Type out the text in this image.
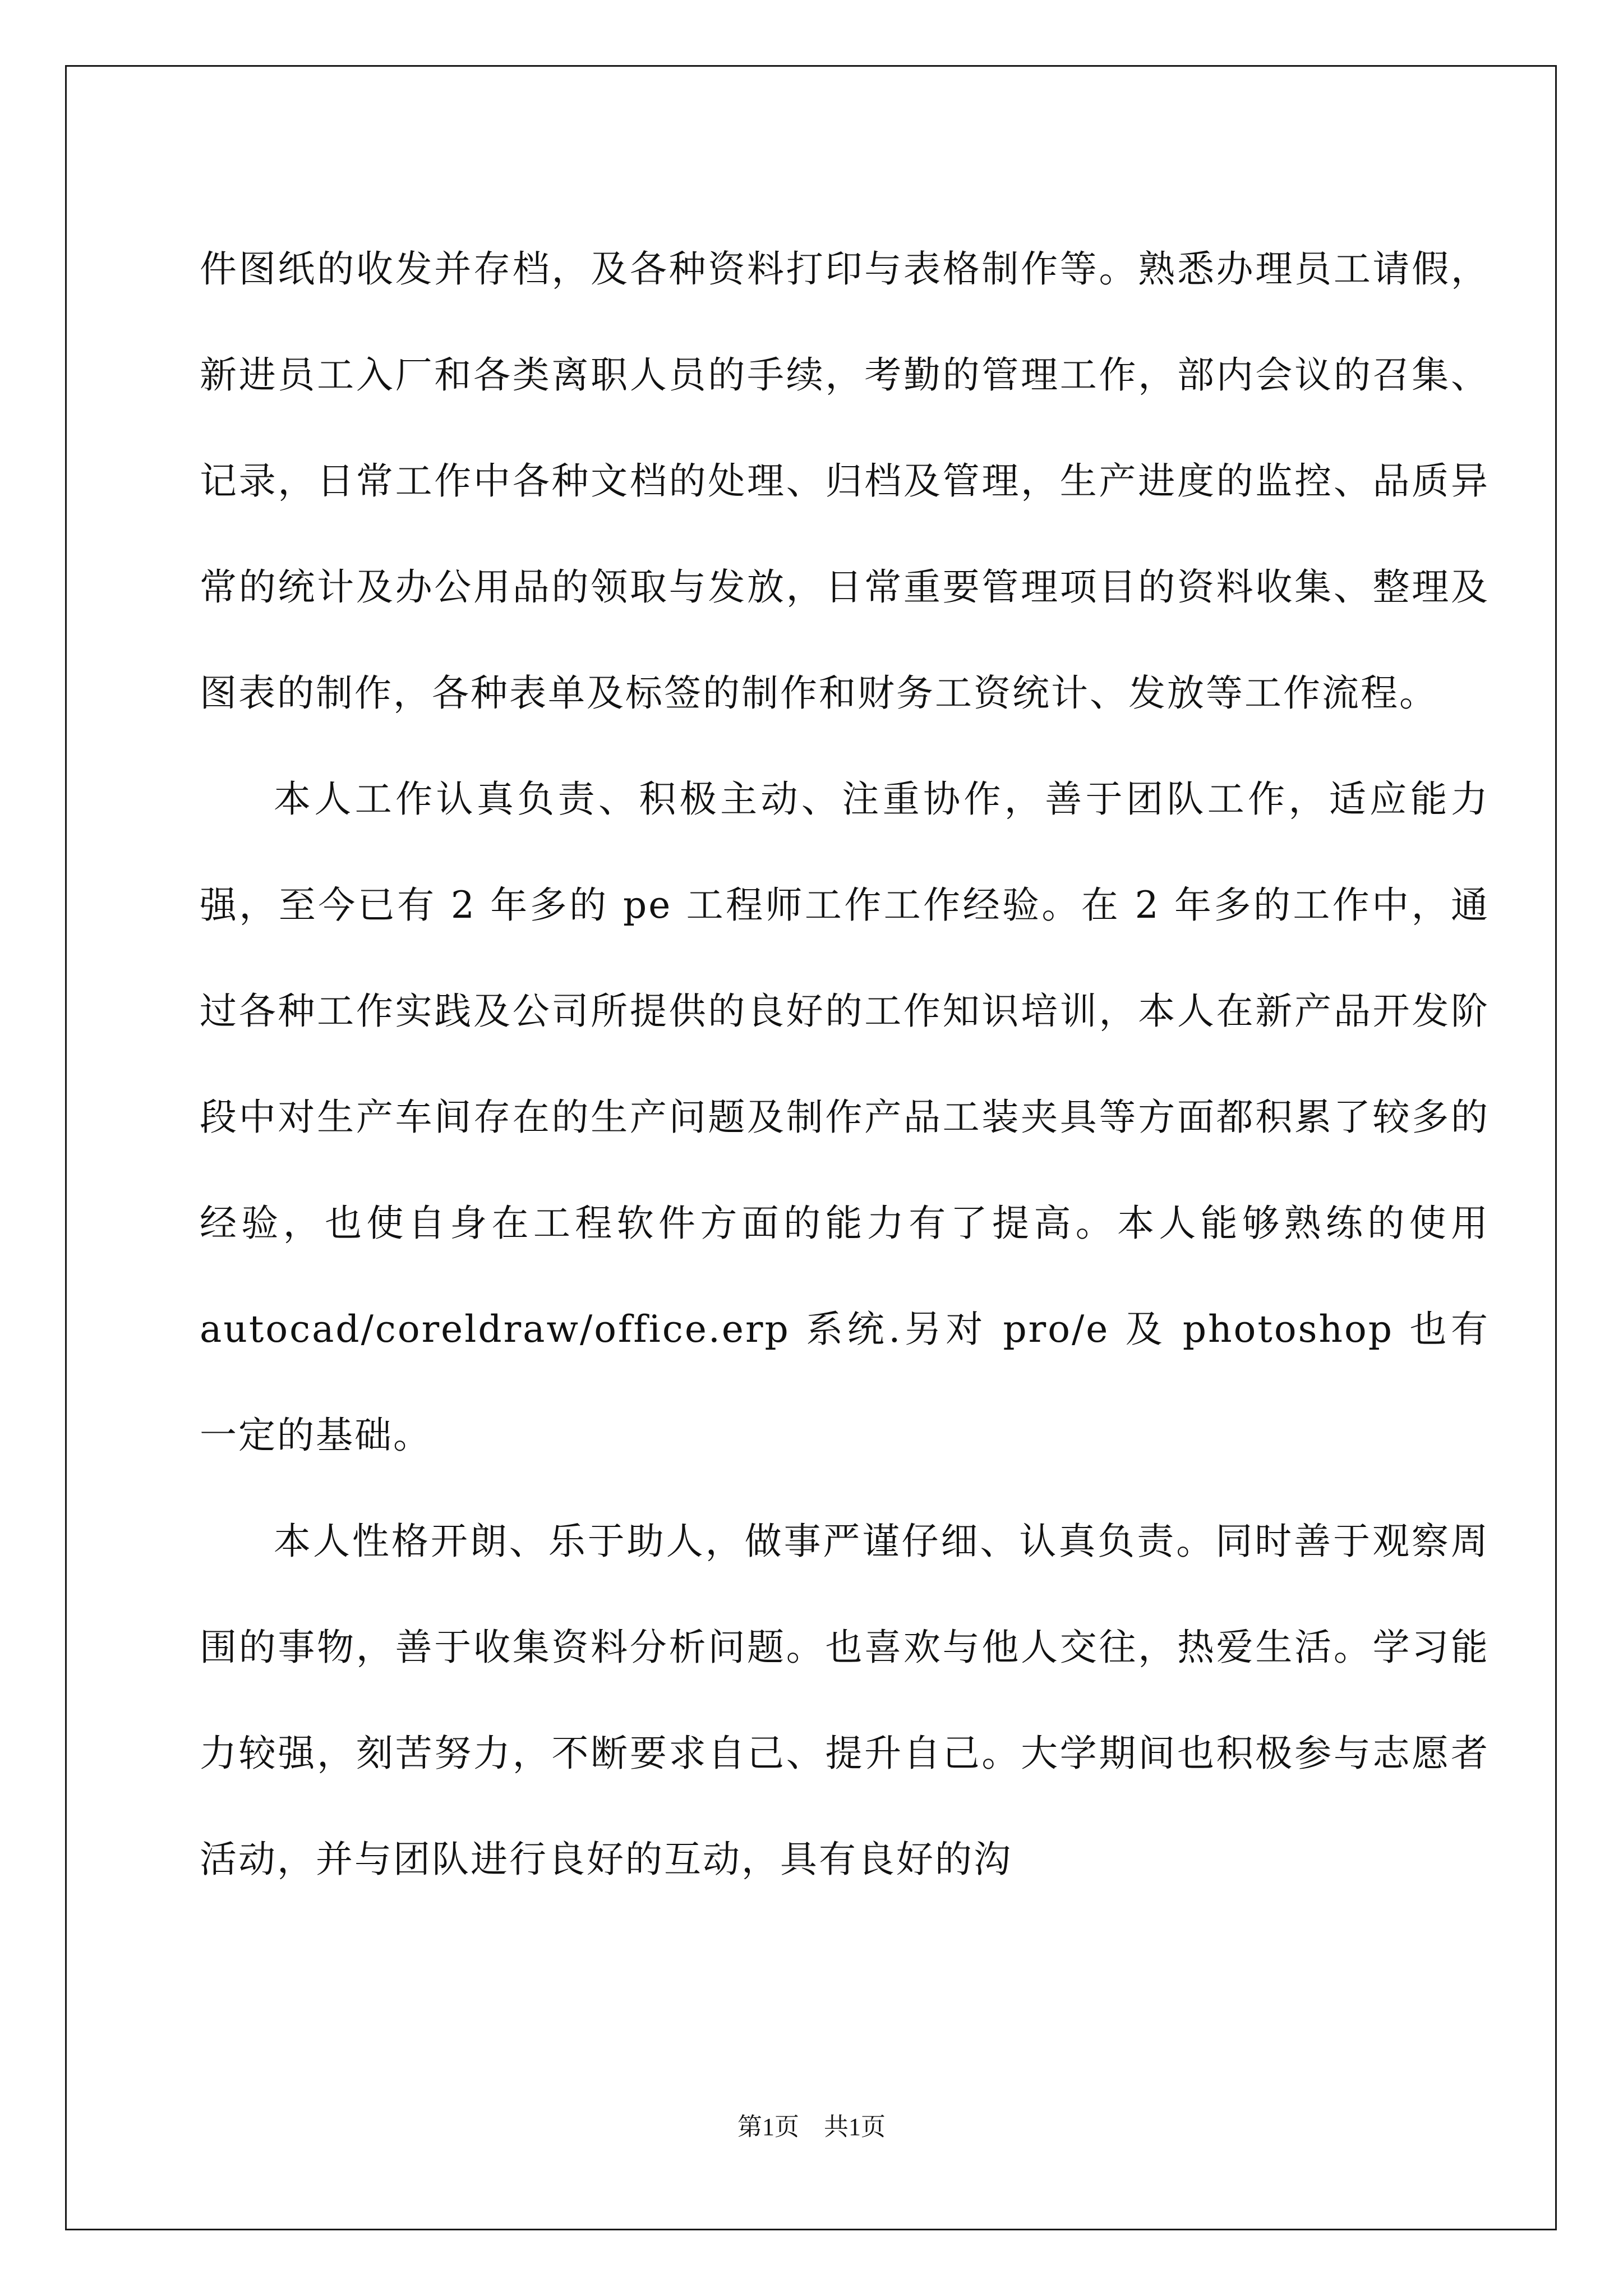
件图纸的收发并存档，及各种资料打印与表格制作等。熟悉办理员工请假，新进员工入厂和各类离职人员的手续，考勤的管理工作，部内会议的召集、记录，日常工作中各种文档的处理、归档及管理，生产进度的监控、品质异常的统计及办公用品的领取与发放，日常重要管理项目的资料收集、整理及图表的制作，各种表单及标签的制作和财务工资统计、发放等工作流程。

本人工作认真负责、积极主动、注重协作，善于团队工作，适应能力强，至今已有 2 年多的 pe 工程师工作工作经验。在 2 年多的工作中，通过各种工作实践及公司所提供的良好的工作知识培训，本人在新产品开发阶段中对生产车间存在的生产问题及制作产品工装夹具等方面都积累了较多的经验，也使自身在工程软件方面的能力有了提高。本人能够熟练的使用 autocad/coreldraw/office.erp 系统.另对 pro/e 及 photoshop 也有一定的基础。

本人性格开朗、乐于助人，做事严谨仔细、认真负责。同时善于观察周围的事物，善于收集资料分析问题。也喜欢与他人交往，热爱生活。学习能力较强，刻苦努力，不断要求自己、提升自己。大学期间也积极参与志愿者活动，并与团队进行良好的互动，具有良好的沟

第1页 共1页
